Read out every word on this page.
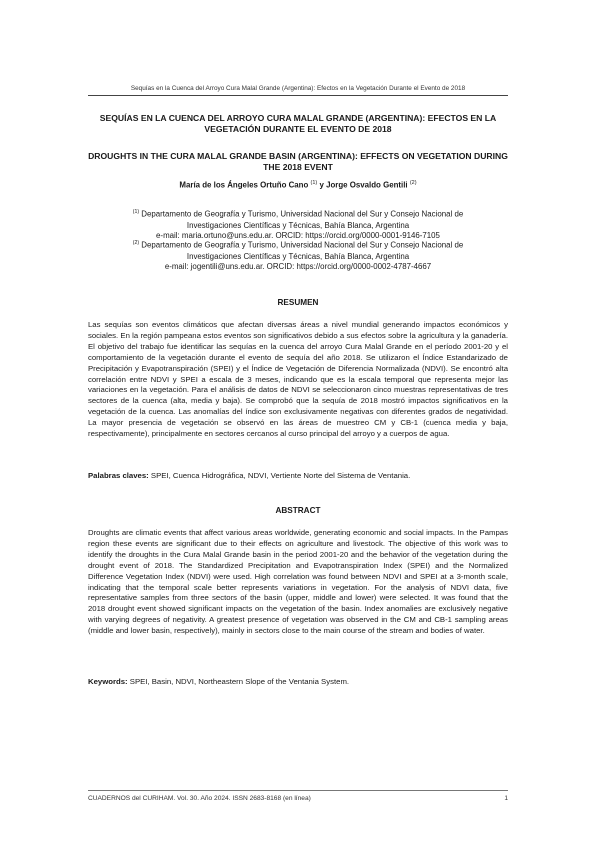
Sequías en la Cuenca del Arroyo Cura Malal Grande (Argentina): Efectos en la Vegetación Durante el Evento de 2018
SEQUÍAS EN LA CUENCA DEL ARROYO CURA MALAL GRANDE (ARGENTINA): EFECTOS EN LA VEGETACIÓN DURANTE EL EVENTO DE 2018
DROUGHTS IN THE CURA MALAL GRANDE BASIN (ARGENTINA): EFFECTS ON VEGETATION DURING THE 2018 EVENT
María de los Ángeles Ortuño Cano $^{(1)}$ y Jorge Osvaldo Gentili $^{(2)}$
$^{(1)}$ Departamento de Geografía y Turismo, Universidad Nacional del Sur y Consejo Nacional de
Investigaciones Científicas y Técnicas, Bahía Blanca, Argentina
e-mail: maria.ortuno@uns.edu.ar. ORCID: https://orcid.org/0000-0001-9146-7105
$^{(2)}$ Departamento de Geografía y Turismo, Universidad Nacional del Sur y Consejo Nacional de
Investigaciones Científicas y Técnicas, Bahía Blanca, Argentina
e-mail: jogentili@uns.edu.ar. ORCID: https://orcid.org/0000-0002-4787-4667
RESUMEN
Las sequías son eventos climáticos que afectan diversas áreas a nivel mundial generando impactos económicos y sociales. En la región pampeana estos eventos son significativos debido a sus efectos sobre la agricultura y la ganadería. El objetivo del trabajo fue identificar las sequías en la cuenca del arroyo Cura Malal Grande en el período 2001-20 y el comportamiento de la vegetación durante el evento de sequía del año 2018. Se utilizaron el Índice Estandarizado de Precipitación y Evapotranspiración (SPEI) y el Índice de Vegetación de Diferencia Normalizada (NDVI). Se encontró alta correlación entre NDVI y SPEI a escala de 3 meses, indicando que es la escala temporal que representa mejor las variaciones en la vegetación. Para el análisis de datos de NDVI se seleccionaron cinco muestras representativas de tres sectores de la cuenca (alta, media y baja). Se comprobó que la sequía de 2018 mostró impactos significativos en la vegetación de la cuenca. Las anomalías del índice son exclusivamente negativas con diferentes grados de negatividad. La mayor presencia de vegetación se observó en las áreas de muestreo CM y CB-1 (cuenca media y baja, respectivamente), principalmente en sectores cercanos al curso principal del arroyo y a cuerpos de agua.
Palabras claves: SPEI, Cuenca Hidrográfica, NDVI, Vertiente Norte del Sistema de Ventania.
ABSTRACT
Droughts are climatic events that affect various areas worldwide, generating economic and social impacts. In the Pampas region these events are significant due to their effects on agriculture and livestock. The objective of this work was to identify the droughts in the Cura Malal Grande basin in the period 2001-20 and the behavior of the vegetation during the drought event of 2018. The Standardized Precipitation and Evapotranspiration Index (SPEI) and the Normalized Difference Vegetation Index (NDVI) were used. High correlation was found between NDVI and SPEI at a 3-month scale, indicating that the temporal scale better represents variations in vegetation. For the analysis of NDVI data, five representative samples from three sectors of the basin (upper, middle and lower) were selected. It was found that the 2018 drought event showed significant impacts on the vegetation of the basin. Index anomalies are exclusively negative with varying degrees of negativity. A greatest presence of vegetation was observed in the CM and CB-1 sampling areas (middle and lower basin, respectively), mainly in sectors close to the main course of the stream and bodies of water.
Keywords: SPEI, Basin, NDVI, Northeastern Slope of the Ventania System.
CUADERNOS del CURIHAM. Vol. 30. Año 2024. ISSN 2683-8168 (en línea)	1
